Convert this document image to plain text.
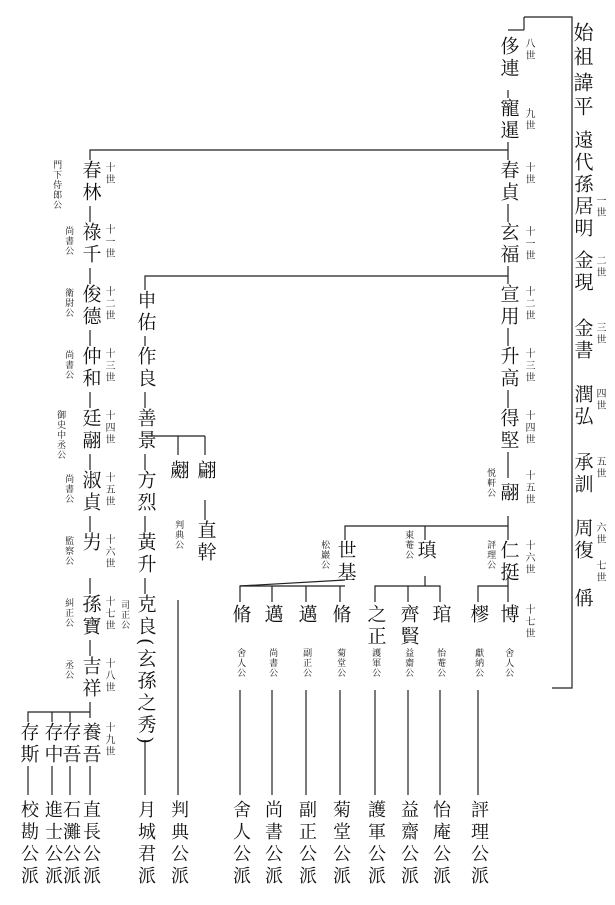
始祖
諱平
遠代孫居明 一世
金現 二世
金書 三世
潤弘 四世
承訓 五世
周復 六世
偁
七世
侈連 八世
寵暹 九世
春貞 十世
玄福 十一世
宣用 十二世
升高 十三世
得堅 十四世
翮 十五世
悦軒公
春林 十世
門下侍郎公
祿千 十一世
尚書公
俊德 十二世
衛尉公
仲和 十三世
尚書公
廷翮 十四世
御史中丞公
淑貞 十五世
尚書公
屴 十六世
監察公
孫寶 十七世
糾正公
吉祥 十八世
丞公
養吾 十九世
存斯 存中
存吾
申佑
作良
善景
方烈
黃升
克良(玄孫之秀)
司正公
翽
判典公
翩
直幹	世基
松巖公	瑱
東菴公	仁挺 十六世
評理公
脩
舍人公
邁
尚書公
邁
副正公
脩
菊堂公
之正
護軍公
齊賢
益齋公
琯
怡菴公
樛
獻納公
博 十七世
舍人公
校勘公派 進士公派
石灘公派 直長公派 月城君派 判典公派 舍人公派 尚書公派 副正公派 菊堂公派 護軍公派 益齋公派 怡庵公派 評理公派
